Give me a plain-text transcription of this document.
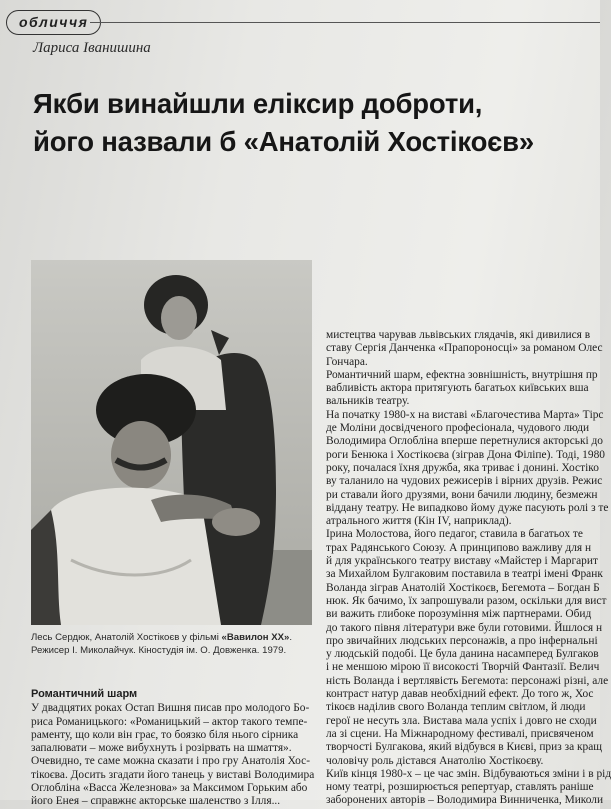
обличчя
Лариса Іванишина
Якби винайшли еліксир доброти,
його назвали б «Анатолій Хостікоєв»
Лесь Сердюк, Анатолій Хостікоєв у фільмі «Вавилон XX».
Режисер І. Миколайчук. Кіностудія ім. О. Довженка. 1979.
мистецтва чарував львівських глядачів, які дивилися в
ставу Сергія Данченка «Прапороносці» за романом Олес
Гончара.
Романтичний шарм, ефектна зовнішність, внутрішня пр
вабливість актора притягують багатьох київських вша
вальників театру.
На початку 1980-х на виставі «Благочестива Марта» Тірс
де Моліни досвідченого професіонала, чудового люди
Володимира Оглобліна вперше перетнулися акторські до
роги Бенюка і Хостікоєва (зіграв Дона Філіпе). Тоді, 1980
року, почалася їхня дружба, яка триває і донині. Хостіко
ву таланило на чудових режисерів і вірних друзів. Режис
ри ставали його друзями, вони бачили людину, безмежн
віддану театру. Не випадково йому дуже пасують ролі з те
атрального життя (Кін IV, наприклад).
Ірина Молостова, його педагог, ставила в багатьох те
трах Радянського Союзу. А принципово важливу для н
й для українського театру виставу «Майстер і Маргарит
за Михайлом Булгаковим поставила в театрі імені Франк
Воланда зіграв Анатолій Хостікоєв, Бегемота – Богдан Б
нюк. Як бачимо, їх запрошували разом, оскільки для вист
ви важить глибоке порозуміння між партнерами. Обид
до такого півня літератури вже були готовими. Йшлося н
про звичайних людських персонажів, а про інфернальні
у людській подобі. Це була данина насамперед Булгаков
і не меншою мірою її високості Творчій Фантазії. Велич
ність Воланда і вертлявість Бегемота: персонажі різні, але
контраст натур давав необхідний ефект. До того ж, Хос
тікоєв наділив свого Воланда теплим світлом, й люди
герої не несуть зла. Вистава мала успіх і довго не сходи
ла зі сцени. На Міжнародному фестивалі, присвяченом
творчості Булгакова, який відбувся в Києві, приз за кращ
чоловічу роль дістався Анатолію Хостікоєву.
Київ кінця 1980-х – це час змін. Відбуваються зміни і в рід
ному театрі, розширюється репертуар, ставлять раніше
заборонених авторів – Володимира Винниченка, Миколи
Романтичний шарм
У двадцятих роках Остап Вишня писав про молодого Бо-
риса Романицького: «Романицький – актор такого темпе-
раменту, що коли він грає, то боязко біля нього сірника
запалювати – може вибухнуть і розірвать на шмаття».
Очевидно, те саме можна сказати і про гру Анатолія Хос-
тікоєва. Досить згадати його танець у виставі Володимира
Оглобліна «Васса Железнова» за Максимом Горьким або
його Енея – справжнє акторське шаленство з Ілля...
